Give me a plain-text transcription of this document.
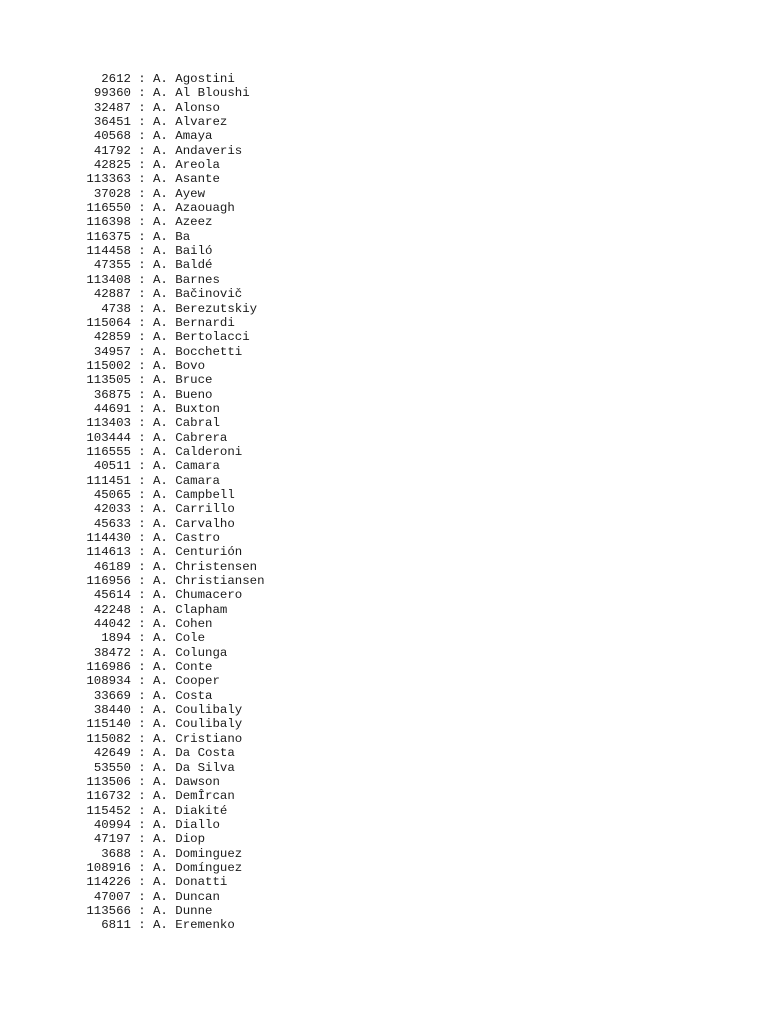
2612 : A. Agostini
99360 : A. Al Bloushi
32487 : A. Alonso
36451 : A. Alvarez
40568 : A. Amaya
41792 : A. Andaveris
42825 : A. Areola
113363 : A. Asante
37028 : A. Ayew
116550 : A. Azaouagh
116398 : A. Azeez
116375 : A. Ba
114458 : A. Bailó
47355 : A. Baldé
113408 : A. Barnes
42887 : A. Bačinovič
4738 : A. Berezutskiy
115064 : A. Bernardi
42859 : A. Bertolacci
34957 : A. Bocchetti
115002 : A. Bovo
113505 : A. Bruce
36875 : A. Bueno
44691 : A. Buxton
113403 : A. Cabral
103444 : A. Cabrera
116555 : A. Calderoni
40511 : A. Camara
111451 : A. Camara
45065 : A. Campbell
42033 : A. Carrillo
45633 : A. Carvalho
114430 : A. Castro
114613 : A. Centurión
46189 : A. Christensen
116956 : A. Christiansen
45614 : A. Chumacero
42248 : A. Clapham
44042 : A. Cohen
1894 : A. Cole
38472 : A. Colunga
116986 : A. Conte
108934 : A. Cooper
33669 : A. Costa
38440 : A. Coulibaly
115140 : A. Coulibaly
115082 : A. Cristiano
42649 : A. Da Costa
53550 : A. Da Silva
113506 : A. Dawson
116732 : A. DemÎrcan
115452 : A. Diakité
40994 : A. Diallo
47197 : A. Diop
3688 : A. Dominguez
108916 : A. Domínguez
114226 : A. Donatti
47007 : A. Duncan
113566 : A. Dunne
6811 : A. Eremenko
